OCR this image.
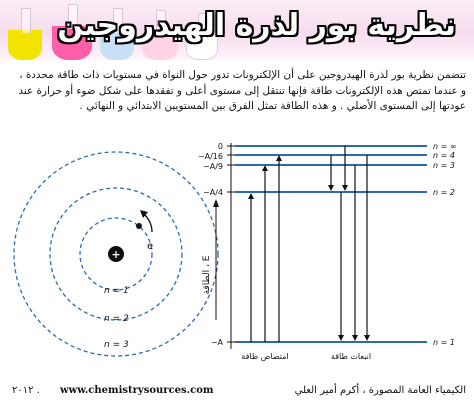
نظرية بور لذرة الهيدروجين
تتضمن نظرية بور لذرة الهيدروجين على أن الإلكترونات تدور حول النواة في مستويات ذات طاقة محددة ،
و عندما تمتص هذه الإلكترونات طاقة فإنها تنتقل إلى مستوى أعلى و تفقدها على شكل ضوء أو حرارة عند
عودتها إلى المستوى الأصلي . و هذه الطاقة تمثل الفرق بين المستويين الابتدائي و النهائي .
+
e
n = 1
n = 2
n = 3
الطاقة ، ‍E
0
−A/16
−A/9
−A/4
−A
n = ∞
n = 4
n = 3
n = 2
n = 1
امتصاص طاقة	انبعاث طاقة
٢٠١٢ . www.chemistrysources.com	الكيمياء العامة المصورة ، أكرم أمير العلي
